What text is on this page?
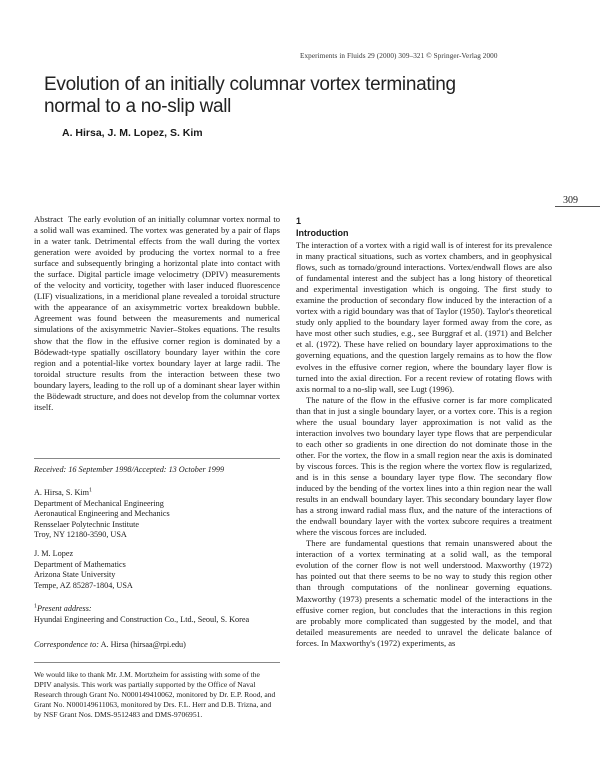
Experiments in Fluids 29 (2000) 309–321 © Springer-Verlag 2000
Evolution of an initially columnar vortex terminating
normal to a no-slip wall
A. Hirsa, J. M. Lopez, S. Kim
309

Abstract The early evolution of an initially columnar vortex normal to a solid wall was examined. The vortex was generated by a pair of flaps in a water tank. Detrimental effects from the wall during the vortex generation were avoided by producing the vortex normal to a free surface and subsequently bringing a horizontal plate into contact with the surface. Digital particle image velocimetry (DPIV) measurements of the velocity and vorticity, together with laser induced fluorescence (LIF) visualizations, in a meridional plane revealed a toroidal structure with the appearance of an axisymmetric vortex breakdown bubble. Agreement was found between the measurements and numerical simulations of the axisymmetric Navier–Stokes equations. The results show that the flow in the effusive corner region is dominated by a Bödewadt-type spatially oscillatory boundary layer within the core region and a potential-like vortex boundary layer at large radii. The toroidal structure results from the interaction between these two boundary layers, leading to the roll up of a dominant shear layer within the Bödewadt structure, and does not develop from the columnar vortex itself.

Received: 16 September 1998/Accepted: 13 October 1999
A. Hirsa, S. Kim$^1$
Department of Mechanical Engineering
Aeronautical Engineering and Mechanics
Rensselaer Polytechnic Institute
Troy, NY 12180-3590, USA
J. M. Lopez
Department of Mathematics
Arizona State University
Tempe, AZ 85287-1804, USA
$^1$Present address:
Hyundai Engineering and Construction Co., Ltd., Seoul, S. Korea
Correspondence to: A. Hirsa (hirsaa@rpi.edu)
We would like to thank Mr. J.M. Mortzheim for assisting with some of the DPIV analysis. This work was partially supported by the Office of Naval Research through Grant No. N000149410062, monitored by Dr. E.P. Rood, and Grant No. N000149611063, monitored by Drs. F.L. Herr and D.B. Trizna, and by NSF Grant Nos. DMS-9512483 and DMS-9706951.
1
Introduction

The interaction of a vortex with a rigid wall is of interest for its prevalence in many practical situations, such as vortex chambers, and in geophysical flows, such as tornado/ground interactions. Vortex/endwall flows are also of fundamental interest and the subject has a long history of theoretical and experimental investigation which is ongoing. The first study to examine the production of secondary flow induced by the interaction of a vortex with a rigid boundary was that of Taylor (1950). Taylor's theoretical study only applied to the boundary layer formed away from the core, as have most other such studies, e.g., see Burggraf et al. (1971) and Belcher et al. (1972). These have relied on boundary layer approximations to the governing equations, and the question largely remains as to how the flow evolves in the effusive corner region, where the boundary layer flow is turned into the axial direction. For a recent review of rotating flows with axis normal to a no-slip wall, see Lugt (1996).

The nature of the flow in the effusive corner is far more complicated than that in just a single boundary layer, or a vortex core. This is a region where the usual boundary layer approximation is not valid as the interaction involves two boundary layer type flows that are perpendicular to each other so gradients in one direction do not dominate those in the other. For the vortex, the flow in a small region near the axis is dominated by viscous forces. This is the region where the vortex flow is regularized, and is in this sense a boundary layer type flow. The secondary flow induced by the bending of the vortex lines into a thin region near the wall results in an endwall boundary layer. This secondary boundary layer flow has a strong inward radial mass flux, and the nature of the interactions of the endwall boundary layer with the vortex subcore requires a treatment where the viscous forces are included.

There are fundamental questions that remain unanswered about the interaction of a vortex terminating at a solid wall, as the temporal evolution of the corner flow is not well understood. Maxworthy (1972) has pointed out that there seems to be no way to study this region other than through computations of the nonlinear governing equations. Maxworthy (1973) presents a schematic model of the interactions in the effusive corner region, but concludes that the interactions in this region are probably more complicated than suggested by the model, and that detailed measurements are needed to unravel the delicate balance of forces. In Maxworthy's (1972) experiments, as
